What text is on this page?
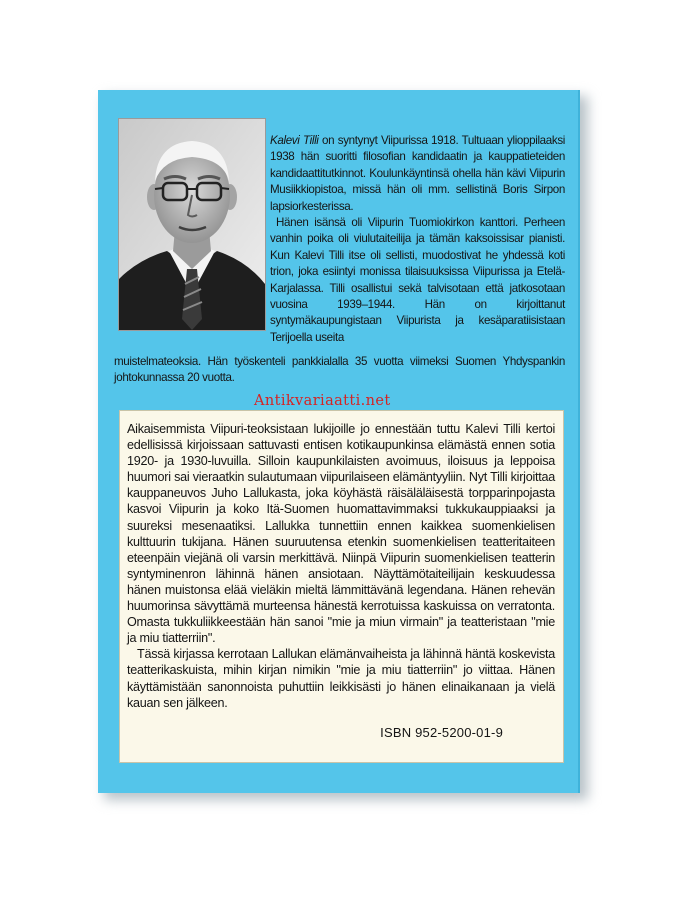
Kalevi Tilli on syntynyt Viipurissa 1918. Tultuaan ylioppilaaksi 1938 hän suoritti filosofian kandidaatin ja kauppatieteiden kandidaattitutkinnot. Koulunkäyntinsä ohella hän kävi Viipurin Musiikkiopistoa, missä hän oli mm. sellistinä Boris Sirpon lapsiorkesterissa.

Hänen isänsä oli Viipurin Tuomiokirkon kanttori. Perheen vanhin poika oli viulutaiteilija ja tämän kaksoissisar pianisti. Kun Kalevi Tilli itse oli sellisti, muodostivat he yhdessä koti trion, joka esiintyi monissa tilaisuuksissa Viipurissa ja Etelä-Karjalassa. Tilli osallistui sekä talvisotaan että jatkosotaan vuosina 1939–1944. Hän on kirjoittanut syntymäkaupungistaan Viipurista ja kesäparatiisistaan Terijoella useita

muistelmateoksia. Hän työskenteli pankkialalla 35 vuotta viimeksi Suomen Yhdyspankin johtokunnassa 20 vuotta.

Antikvariaatti.net

Aikaisemmista Viipuri-teoksistaan lukijoille jo ennestään tuttu Kalevi Tilli kertoi edellisissä kirjoissaan sattuvasti entisen kotikaupunkinsa elämästä ennen sotia 1920- ja 1930-luvuilla. Silloin kaupunkilaisten avoimuus, iloisuus ja leppoisa huumori sai vieraatkin sulautumaan viipurilaiseen elämäntyyliin. Nyt Tilli kirjoittaa kauppaneuvos Juho Lallukasta, joka köyhästä räisäläläisestä torpparinpojasta kasvoi Viipurin ja koko Itä-Suomen huomattavimmaksi tukkukauppiaaksi ja suureksi mesenaatiksi. Lallukka tunnettiin ennen kaikkea suomenkielisen kulttuurin tukijana. Hänen suuruutensa etenkin suomenkielisen teatteritaiteen eteenpäin viejänä oli varsin merkittävä. Niinpä Viipurin suomenkielisen teatterin syntyminenron lähinnä hänen ansiotaan. Näyttämötaiteilijain keskuudessa hänen muistonsa elää vieläkin mieltä lämmittävänä legendana. Hänen rehevän huumorinsa sävyttämä murteensa hänestä kerrotuissa kaskuissa on verratonta. Omasta tukkuliikkeestään hän sanoi "mie ja miun virmain" ja teatteristaan "mie ja miu tiatterriin".

Tässä kirjassa kerrotaan Lallukan elämänvaiheista ja lähinnä häntä koskevista teatterikaskuista, mihin kirjan nimikin "mie ja miu tiatterriin" jo viittaa. Hänen käyttämistään sanonnoista puhuttiin leikkisästi jo hänen elinaikanaan ja vielä kauan sen jälkeen.

ISBN 952-5200-01-9
